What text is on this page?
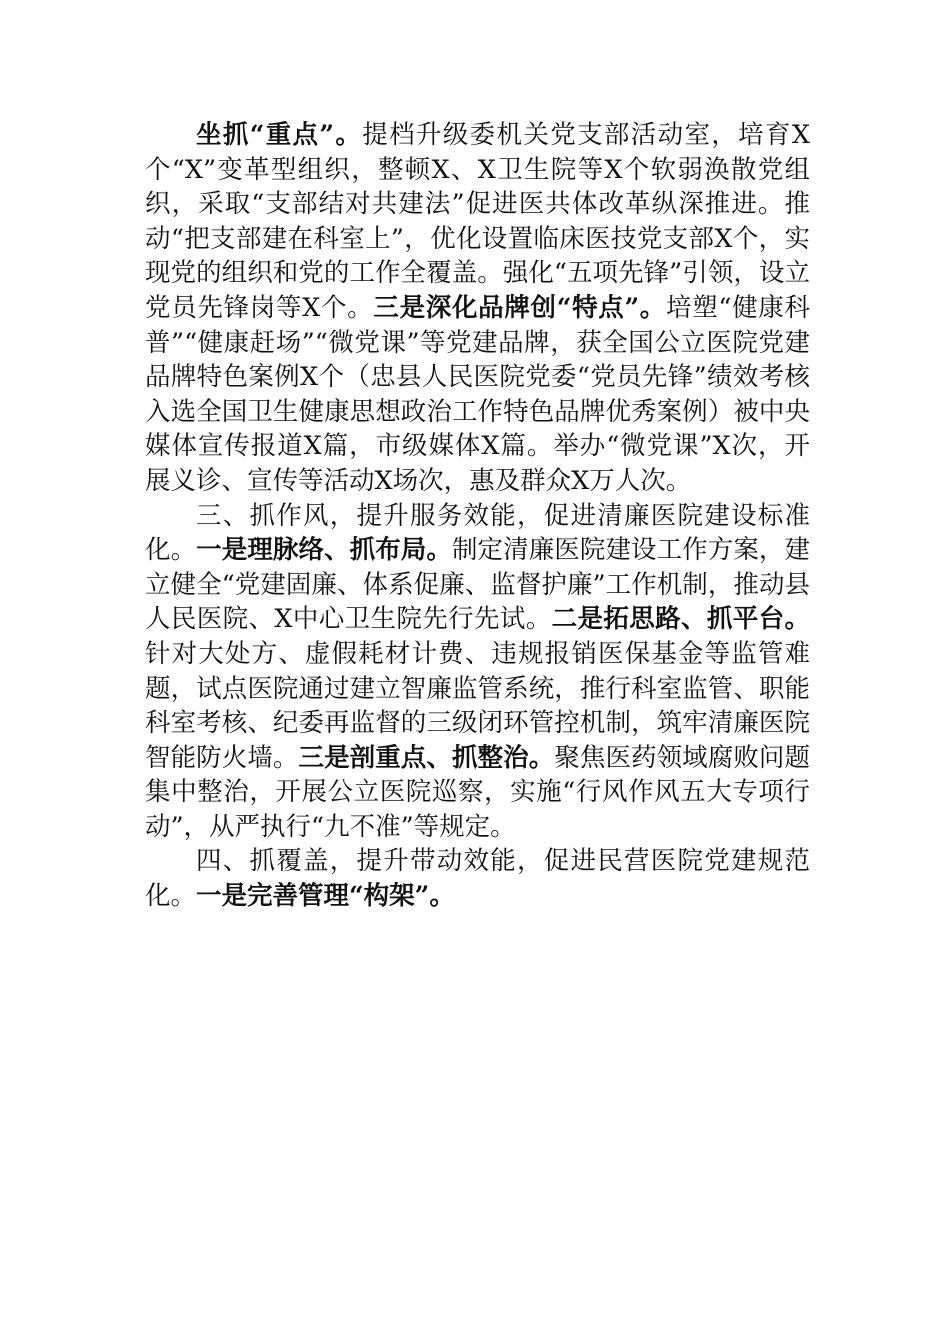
坐抓“重点”。提档升级委机关党支部活动室，培育X个“X”变革型组织，整顿X、X卫生院等X个软弱涣散党组织，采取“支部结对共建法”促进医共体改革纵深推进。推动“把支部建在科室上”，优化设置临床医技党支部X个，实现党的组织和党的工作全覆盖。强化“五项先锋”引领，设立党员先锋岗等X个。三是深化品牌创“特点”。培塑“健康科普”“健康赶场”“微党课”等党建品牌，获全国公立医院党建品牌特色案例X个（忠县人民医院党委“党员先锋”绩效考核入选全国卫生健康思想政治工作特色品牌优秀案例）被中央媒体宣传报道X篇，市级媒体X篇。举办“微党课”X次，开展义诊、宣传等活动X场次，惠及群众X万人次。

三、抓作风，提升服务效能，促进清廉医院建设标准化。一是理脉络、抓布局。制定清廉医院建设工作方案，建立健全“党建固廉、体系促廉、监督护廉”工作机制，推动县人民医院、X中心卫生院先行先试。二是拓思路、抓平台。针对大处方、虚假耗材计费、违规报销医保基金等监管难题，试点医院通过建立智廉监管系统，推行科室监管、职能科室考核、纪委再监督的三级闭环管控机制，筑牢清廉医院智能防火墙。三是剖重点、抓整治。聚焦医药领域腐败问题集中整治，开展公立医院巡察，实施“行风作风五大专项行动”，从严执行“九不准”等规定。

四、抓覆盖，提升带动效能，促进民营医院党建规范化。一是完善管理“构架”。
